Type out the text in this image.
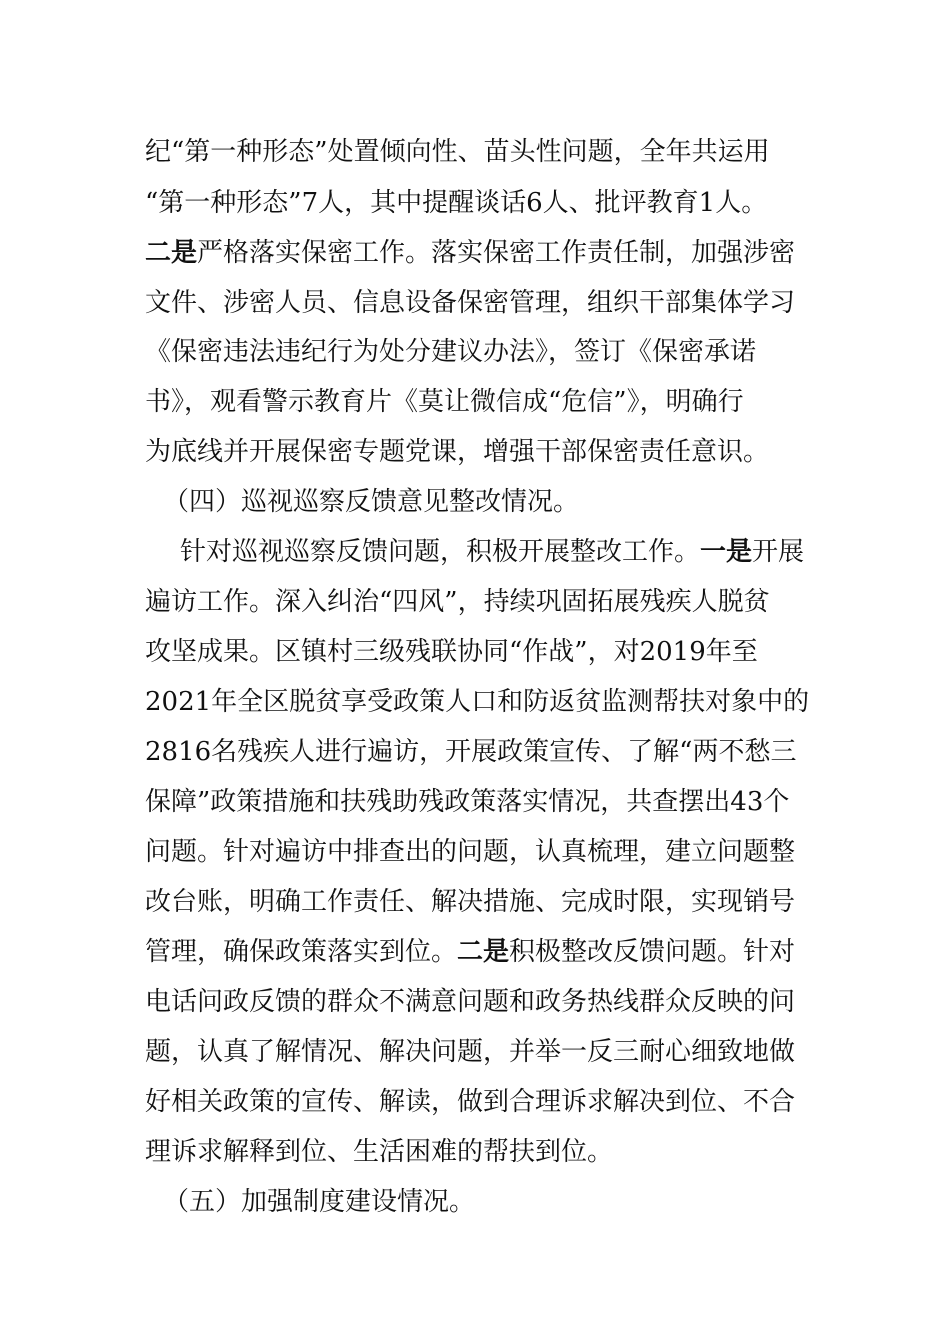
纪“第一种形态”处置倾向性、苗头性问题，全年共运用
“第一种形态”7人，其中提醒谈话6人、批评教育1人。
二是严格落实保密工作。落实保密工作责任制，加强涉密
文件、涉密人员、信息设备保密管理，组织干部集体学习
《保密违法违纪行为处分建议办法》，签订《保密承诺
书》，观看警示教育片《莫让微信成“危信”》，明确行
为底线并开展保密专题党课，增强干部保密责任意识。
（四）巡视巡察反馈意见整改情况。
针对巡视巡察反馈问题，积极开展整改工作。一是开展
遍访工作。深入纠治“四风”，持续巩固拓展残疾人脱贫
攻坚成果。区镇村三级残联协同“作战”，对2019年至
2021年全区脱贫享受政策人口和防返贫监测帮扶对象中的
2816名残疾人进行遍访，开展政策宣传、了解“两不愁三
保障”政策措施和扶残助残政策落实情况，共查摆出43个
问题。针对遍访中排查出的问题，认真梳理，建立问题整
改台账，明确工作责任、解决措施、完成时限，实现销号
管理，确保政策落实到位。二是积极整改反馈问题。针对
电话问政反馈的群众不满意问题和政务热线群众反映的问
题，认真了解情况、解决问题，并举一反三耐心细致地做
好相关政策的宣传、解读，做到合理诉求解决到位、不合
理诉求解释到位、生活困难的帮扶到位。
（五）加强制度建设情况。
